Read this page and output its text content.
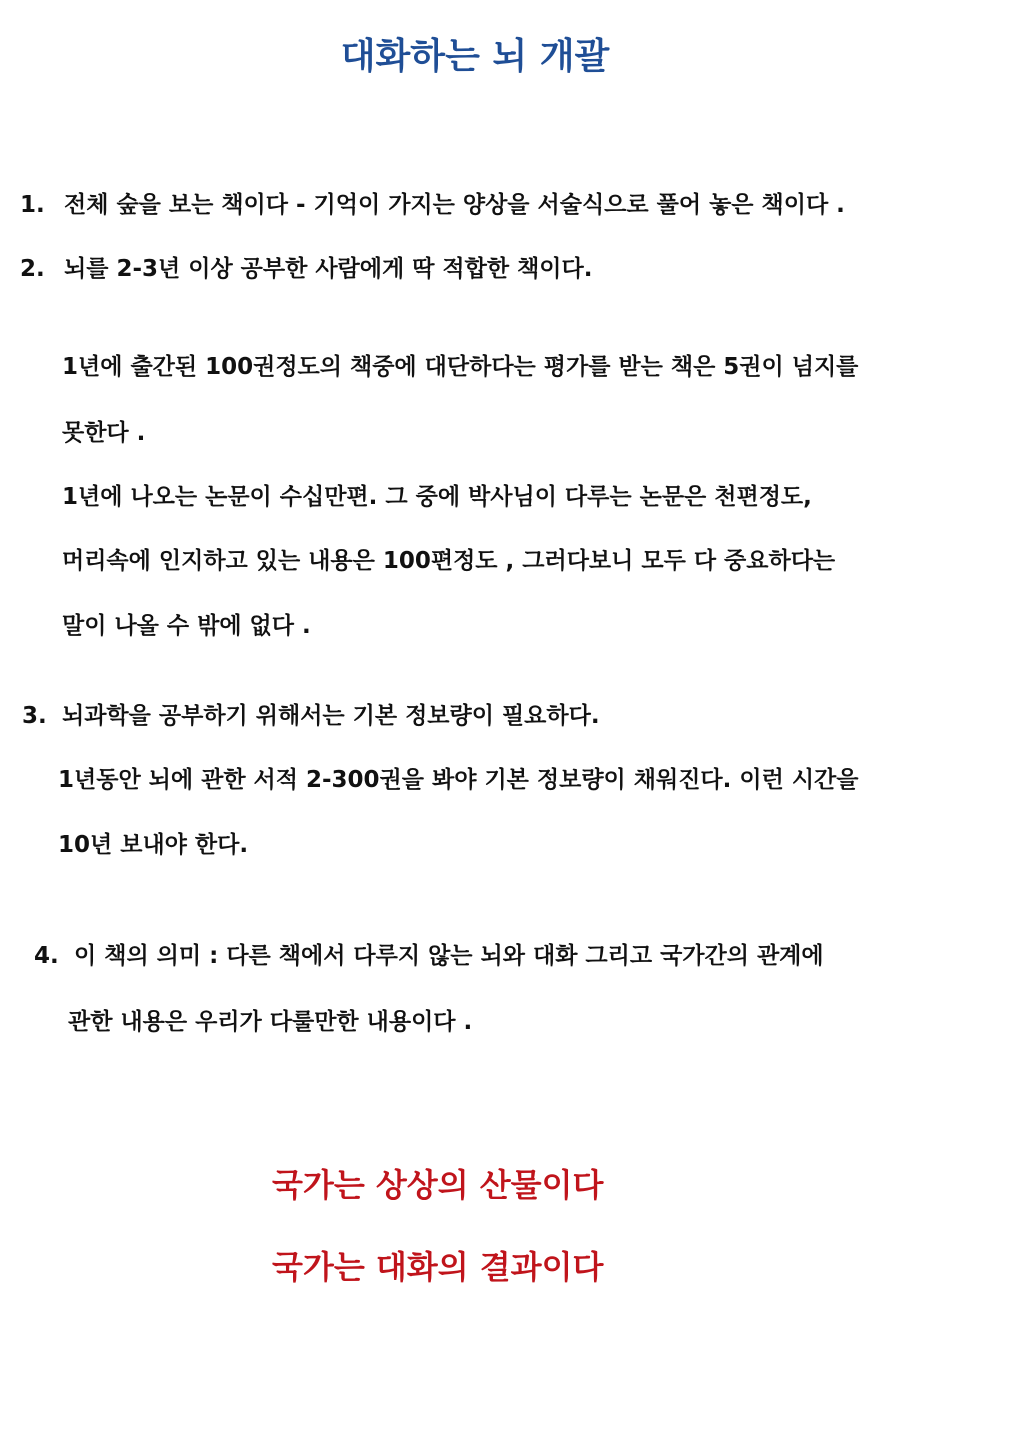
대화하는 뇌 개괄
1. 전체 숲을 보는 책이다 - 기억이 가지는 양상을 서술식으로 풀어 놓은 책이다 .
2. 뇌를 2-3년 이상 공부한 사람에게 딱 적합한 책이다.
1년에 출간된 100권정도의 책중에 대단하다는 평가를 받는 책은 5권이 넘지를
못한다 .
1년에 나오는 논문이 수십만편. 그 중에 박사님이 다루는 논문은 천편정도,
머리속에 인지하고 있는 내용은 100편정도 , 그러다보니 모두 다 중요하다는
말이 나올 수 밖에 없다 .
3. 뇌과학을 공부하기 위해서는 기본 정보량이 필요하다.
1년동안 뇌에 관한 서적 2-300권을 봐야 기본 정보량이 채워진다. 이런 시간을
10년 보내야 한다.
4. 이 책의 의미 : 다른 책에서 다루지 않는 뇌와 대화 그리고 국가간의 관계에
관한 내용은 우리가 다룰만한 내용이다 .
국가는 상상의 산물이다
국가는 대화의 결과이다
